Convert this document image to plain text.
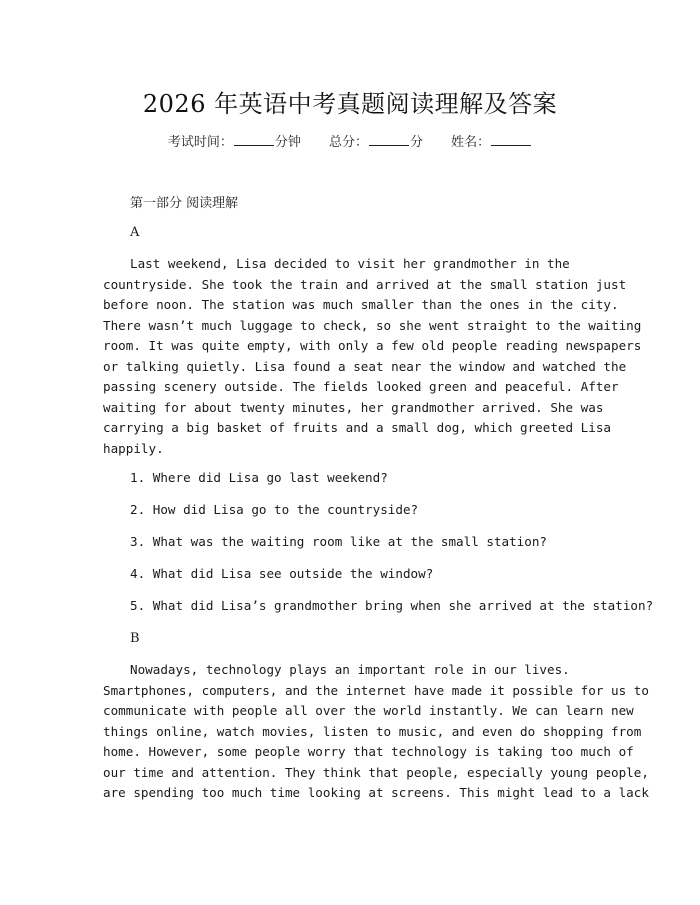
2026 年英语中考真题阅读理解及答案
考试时间：	分钟 总分：	分 姓名：
第一部分 阅读理解
A
Last weekend, Lisa decided to visit her grandmother in the
countryside. She took the train and arrived at the small station just
before noon. The station was much smaller than the ones in the city.
There wasn’t much luggage to check, so she went straight to the waiting
room. It was quite empty, with only a few old people reading newspapers
or talking quietly. Lisa found a seat near the window and watched the
passing scenery outside. The fields looked green and peaceful. After
waiting for about twenty minutes, her grandmother arrived. She was
carrying a big basket of fruits and a small dog, which greeted Lisa
happily.
1. Where did Lisa go last weekend?
2. How did Lisa go to the countryside?
3. What was the waiting room like at the small station?
4. What did Lisa see outside the window?
5. What did Lisa’s grandmother bring when she arrived at the station?
B
Nowadays, technology plays an important role in our lives.
Smartphones, computers, and the internet have made it possible for us to
communicate with people all over the world instantly. We can learn new
things online, watch movies, listen to music, and even do shopping from
home. However, some people worry that technology is taking too much of
our time and attention. They think that people, especially young people,
are spending too much time looking at screens. This might lead to a lack
